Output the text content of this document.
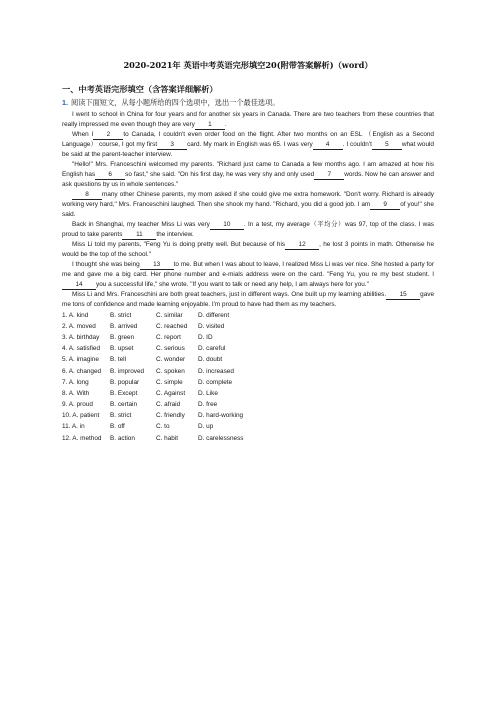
2020-2021年 英语中考英语完形填空20(附带答案解析)（word）
一、中考英语完形填空（含答案详细解析）
1. 阅读下面短文，从每小题所给的四个选项中，选出一个最佳选项。

I went to school in China for four years and for another six years in Canada. There are two teachers from these countries that really impressed me even though they are very 1 .

When I 2 to Canada, I couldn't even order food on the flight. After two months on an ESL （English as a Second Language） course, I got my first 3 card. My mark in English was 65. I was very 4 . I couldn't 5 what would be said at the parent-teacher interview.

"Hello!" Mrs. Franceschini welcomed my parents. "Richard just came to Canada a few months ago. I am amazed at how his English has 6 so fast," she said. "On his first day, he was very shy and only used 7 words. Now he can answer and ask questions by us in whole sentences."

8 many other Chinese parents, my mom asked if she could give me extra homework. "Don't worry. Richard is already working very hard," Mrs. Franceschini laughed. Then she shook my hand. "Richard, you did a good job. I am 9 of you!" she said.

Back in Shanghai, my teacher Miss Li was very 10 . In a test, my average（平均分）was 97, top of the class. I was proud to take parents 11 the interview.

Miss Li told my parents, "Feng Yu is doing pretty well. But because of his 12 , he lost 3 points in math. Otherwise he would be the top of the school."

I thought she was being 13 to me. But when I was about to leave, I realized Miss Li was ver nice. She hosted a party for me and gave me a big card. Her phone number and e-mials address were on the card. "Feng Yu, you re my best student. I14 you a successful life," she wrote. "If you want to talk or need any help, I am always here for you."

Miss Li and Mrs. Franceschini are both great teachers, just in different ways. One built up my learning abilities. 15 gave me tons of confidence and made learning enjoyable. I'm proud to have had them as my teachers.

1. A. kind	B. strict	C. similar	D. different
2. A. moved	B. arrived	C. reached	D. visited
3. A. birthday	B. green	C. report	D. ID
4. A. satisfied	B. upset	C. serious	D. careful
5. A. imagine	B. tell	C. wonder	D. doubt
6. A. changed	B. improved	C. spoken	D. increased
7. A. long	B. popular	C. simple	D. complete
8. A. With	B. Except	C. Against	D. Like
9. A. proud	B. certain	C. afraid	D. free
10. A. patient	B. strict	C. friendly	D. hard-working
11. A. in	B. off	C. to	D. up
12. A. method	B. action	C. habit	D. carelessness
